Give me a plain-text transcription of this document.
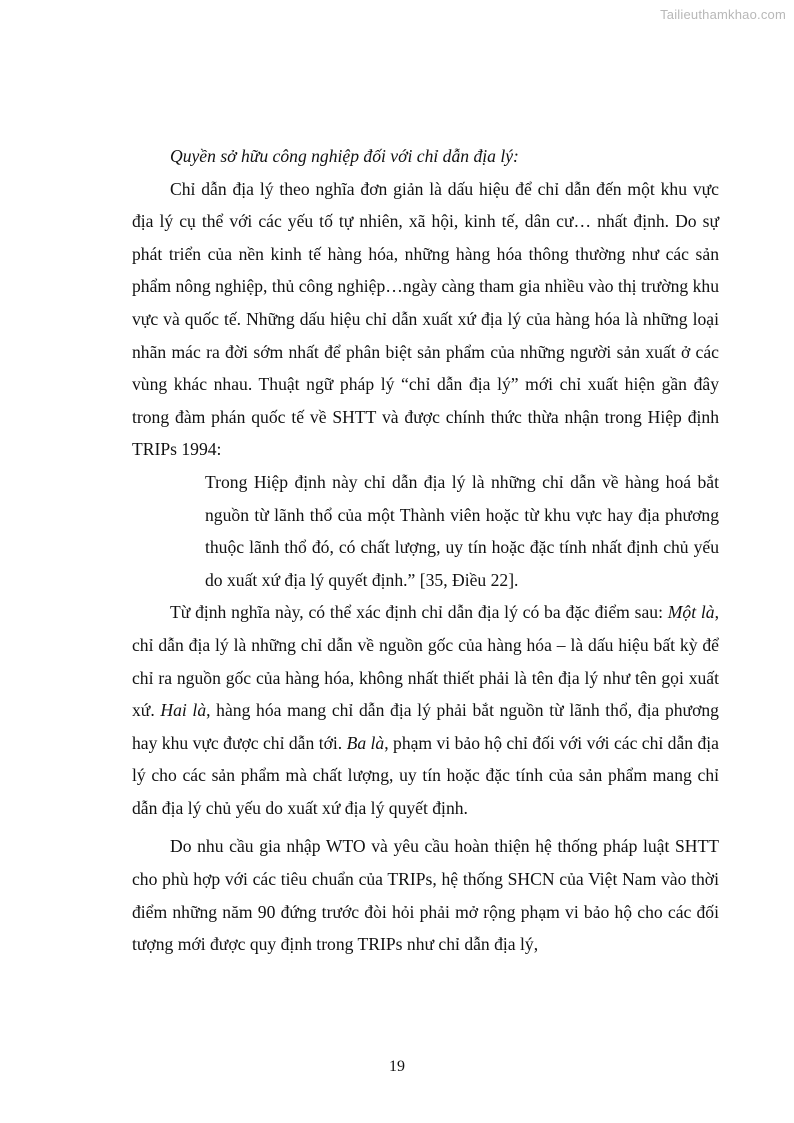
Tailieuthamkhao.com

Quyền sở hữu công nghiệp đối với chỉ dẫn địa lý:

Chỉ dẫn địa lý theo nghĩa đơn giản là dấu hiệu để chỉ dẫn đến một khu vực địa lý cụ thể với các yếu tố tự nhiên, xã hội, kinh tế, dân cư… nhất định. Do sự phát triển của nền kinh tế hàng hóa, những hàng hóa thông thường như các sản phẩm nông nghiệp, thủ công nghiệp…ngày càng tham gia nhiều vào thị trường khu vực và quốc tế. Những dấu hiệu chỉ dẫn xuất xứ địa lý của hàng hóa là những loại nhãn mác ra đời sớm nhất để phân biệt sản phẩm của những người sản xuất ở các vùng khác nhau. Thuật ngữ pháp lý “chỉ dẫn địa lý” mới chỉ xuất hiện gần đây trong đàm phán quốc tế về SHTT và được chính thức thừa nhận trong Hiệp định TRIPs 1994:

Trong Hiệp định này chỉ dẫn địa lý là những chỉ dẫn về hàng hoá bắt nguồn từ lãnh thổ của một Thành viên hoặc từ khu vực hay địa phương thuộc lãnh thổ đó, có chất lượng, uy tín hoặc đặc tính nhất định chủ yếu do xuất xứ địa lý quyết định.” [35, Điều 22].

Từ định nghĩa này, có thể xác định chỉ dẫn địa lý có ba đặc điểm sau: Một là, chỉ dẫn địa lý là những chỉ dẫn về nguồn gốc của hàng hóa – là dấu hiệu bất kỳ để chỉ ra nguồn gốc của hàng hóa, không nhất thiết phải là tên địa lý như tên gọi xuất xứ. Hai là, hàng hóa mang chỉ dẫn địa lý phải bắt nguồn từ lãnh thổ, địa phương hay khu vực được chỉ dẫn tới. Ba là, phạm vi bảo hộ chỉ đối với với các chỉ dẫn địa lý cho các sản phẩm mà chất lượng, uy tín hoặc đặc tính của sản phẩm mang chỉ dẫn địa lý chủ yếu do xuất xứ địa lý quyết định.

Do nhu cầu gia nhập WTO và yêu cầu hoàn thiện hệ thống pháp luật SHTT cho phù hợp với các tiêu chuẩn của TRIPs, hệ thống SHCN của Việt Nam vào thời điểm những năm 90 đứng trước đòi hỏi phải mở rộng phạm vi bảo hộ cho các đối tượng mới được quy định trong TRIPs như chỉ dẫn địa lý,

19
